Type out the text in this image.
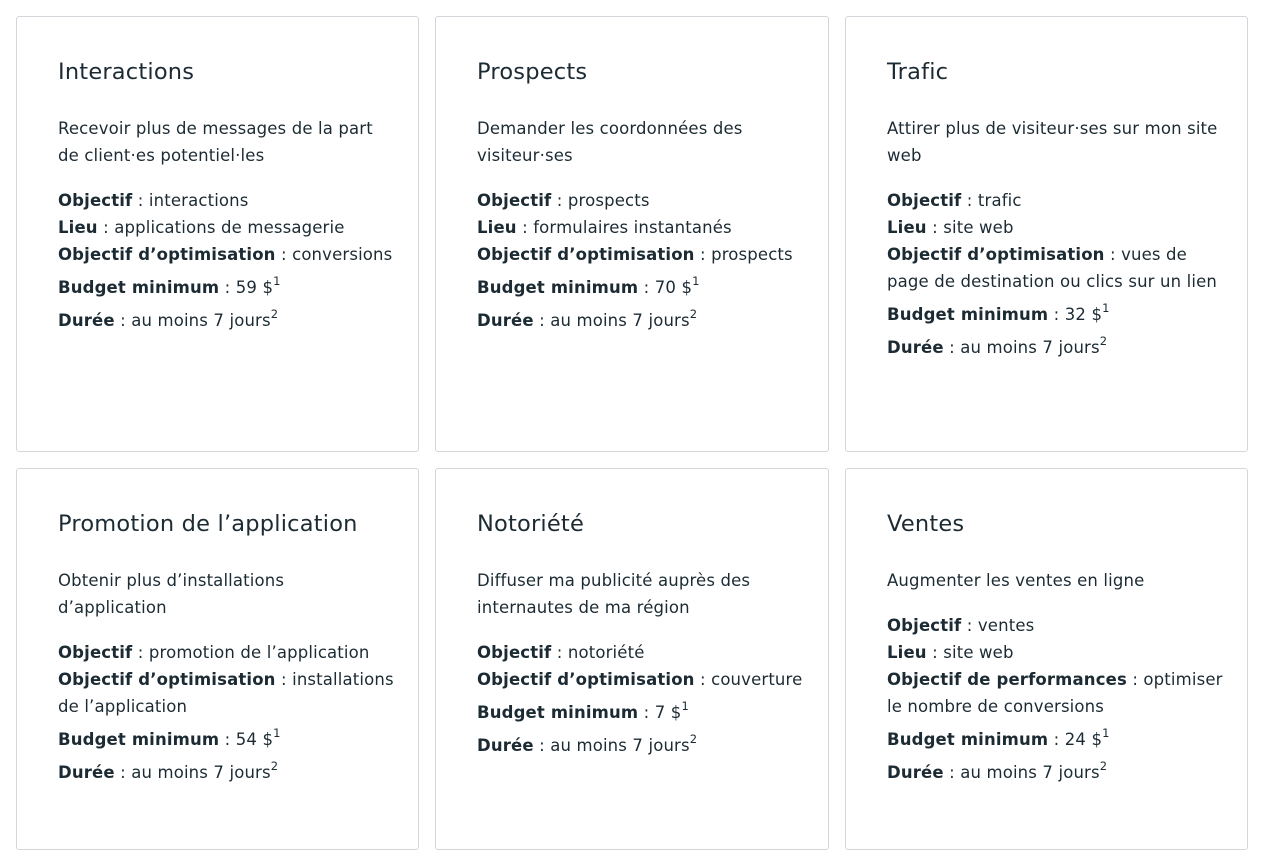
Interactions

Recevoir plus de messages de la part de client·es potentiel·les

Objectif : interactions
Lieu : applications de messagerie
Objectif d’optimisation : conversions
Budget minimum : 59 \$$^1$
Durée : au moins 7 jours$^2$
Prospects

Demander les coordonnées des visiteur·ses

Objectif : prospects
Lieu : formulaires instantanés
Objectif d’optimisation : prospects
Budget minimum : 70 \$$^1$
Durée : au moins 7 jours$^2$
Trafic

Attirer plus de visiteur·ses sur mon site web

Objectif : trafic
Lieu : site web
Objectif d’optimisation : vues de page de destination ou clics sur un lien
Budget minimum : 32 \$$^1$
Durée : au moins 7 jours$^2$
Promotion de l’application

Obtenir plus d’installations d’application

Objectif : promotion de l’application
Objectif d’optimisation : installations de l’application
Budget minimum : 54 \$$^1$
Durée : au moins 7 jours$^2$
Notoriété

Diffuser ma publicité auprès des internautes de ma région

Objectif : notoriété
Objectif d’optimisation : couverture
Budget minimum : 7 \$$^1$
Durée : au moins 7 jours$^2$
Ventes

Augmenter les ventes en ligne

Objectif : ventes
Lieu : site web
Objectif de performances : optimiser le nombre de conversions
Budget minimum : 24 \$$^1$
Durée : au moins 7 jours$^2$
